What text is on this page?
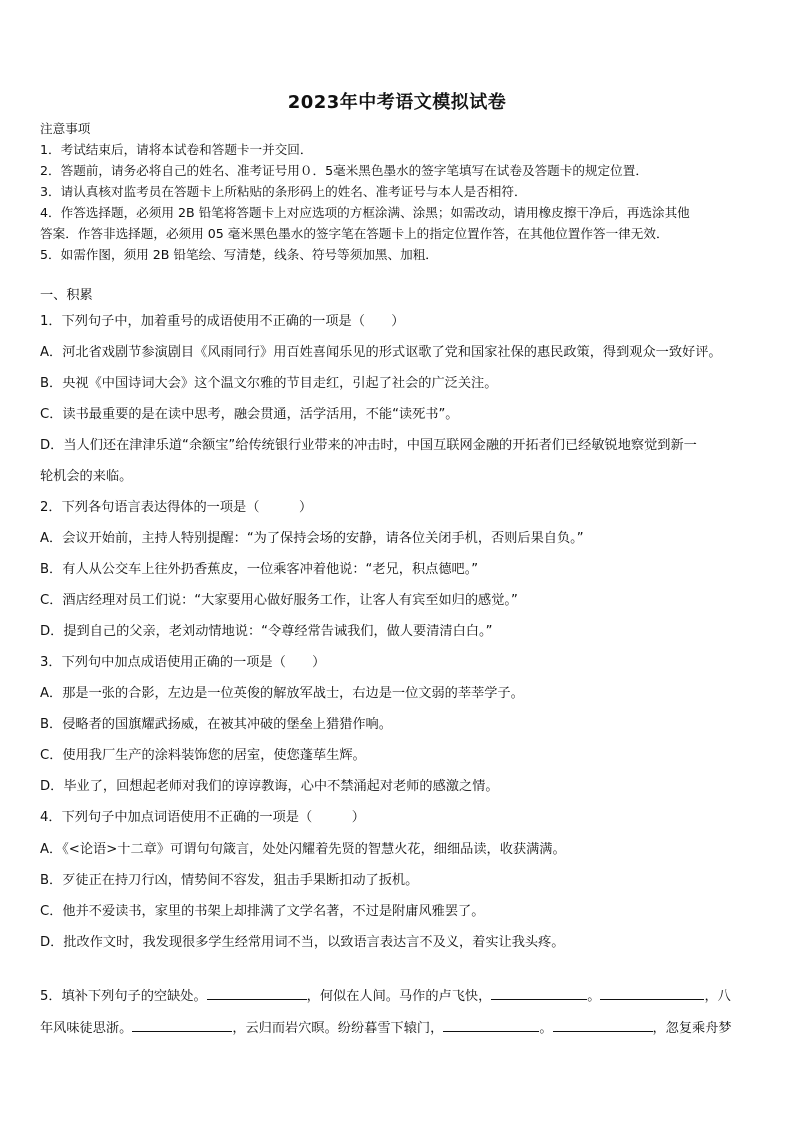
2023年中考语文模拟试卷
注意事项
1．考试结束后，请将本试卷和答题卡一并交回．
2．答题前，请务必将自己的姓名、准考证号用０．5毫米黑色墨水的签字笔填写在试卷及答题卡的规定位置．
3．请认真核对监考员在答题卡上所粘贴的条形码上的姓名、准考证号与本人是否相符．
4．作答选择题，必须用 2B 铅笔将答题卡上对应选项的方框涂满、涂黑；如需改动，请用橡皮擦干净后，再选涂其他
答案．作答非选择题，必须用 05 毫米黑色墨水的签字笔在答题卡上的指定位置作答，在其他位置作答一律无效．
5．如需作图，须用 2B 铅笔绘、写清楚，线条、符号等须加黑、加粗．
一、积累
1．下列句子中，加着重号的成语使用不正确的一项是（　　）
A．河北省戏剧节参演剧目《风雨同行》用百姓喜闻乐见的形式讴歌了党和国家社保的惠民政策，得到观众一致好评。
B．央视《中国诗词大会》这个温文尔雅的节目走红，引起了社会的广泛关注。
C．读书最重要的是在读中思考，融会贯通，活学活用，不能“读死书”。
D．当人们还在津津乐道“余额宝”给传统银行业带来的冲击时，中国互联网金融的开拓者们已经敏锐地察觉到新一
轮机会的来临。
2．下列各句语言表达得体的一项是（　　　）
A．会议开始前，主持人特别提醒：“为了保持会场的安静，请各位关闭手机，否则后果自负。”
B．有人从公交车上往外扔香蕉皮，一位乘客冲着他说：“老兄，积点德吧。”
C．酒店经理对员工们说：“大家要用心做好服务工作，让客人有宾至如归的感觉。”
D．提到自己的父亲，老刘动情地说：“令尊经常告诫我们，做人要清清白白。”
3．下列句中加点成语使用正确的一项是（　　）
A．那是一张的合影，左边是一位英俊的解放军战士，右边是一位文弱的莘莘学子。
B．侵略者的国旗耀武扬威，在被其冲破的堡垒上猎猎作响。
C．使用我厂生产的涂料装饰您的居室，使您蓬荜生辉。
D．毕业了，回想起老师对我们的谆谆教诲，心中不禁涌起对老师的感激之情。
4．下列句子中加点词语使用不正确的一项是（　　　）
A．《<论语>十二章》可谓句句箴言，处处闪耀着先贤的智慧火花，细细品读，收获满满。
B．歹徒正在持刀行凶，情势间不容发，狙击手果断扣动了扳机。
C．他并不爱读书，家里的书架上却排满了文学名著，不过是附庸风雅罢了。
D．批改作文时，我发现很多学生经常用词不当，以致语言表达言不及义，着实让我头疼。
5．填补下列句子的空缺处。	，何似在人间。马作的卢飞快，	。	，八
年风味徒思浙。	，云归而岩穴暝。纷纷暮雪下辕门，	。	，忽复乘舟梦
